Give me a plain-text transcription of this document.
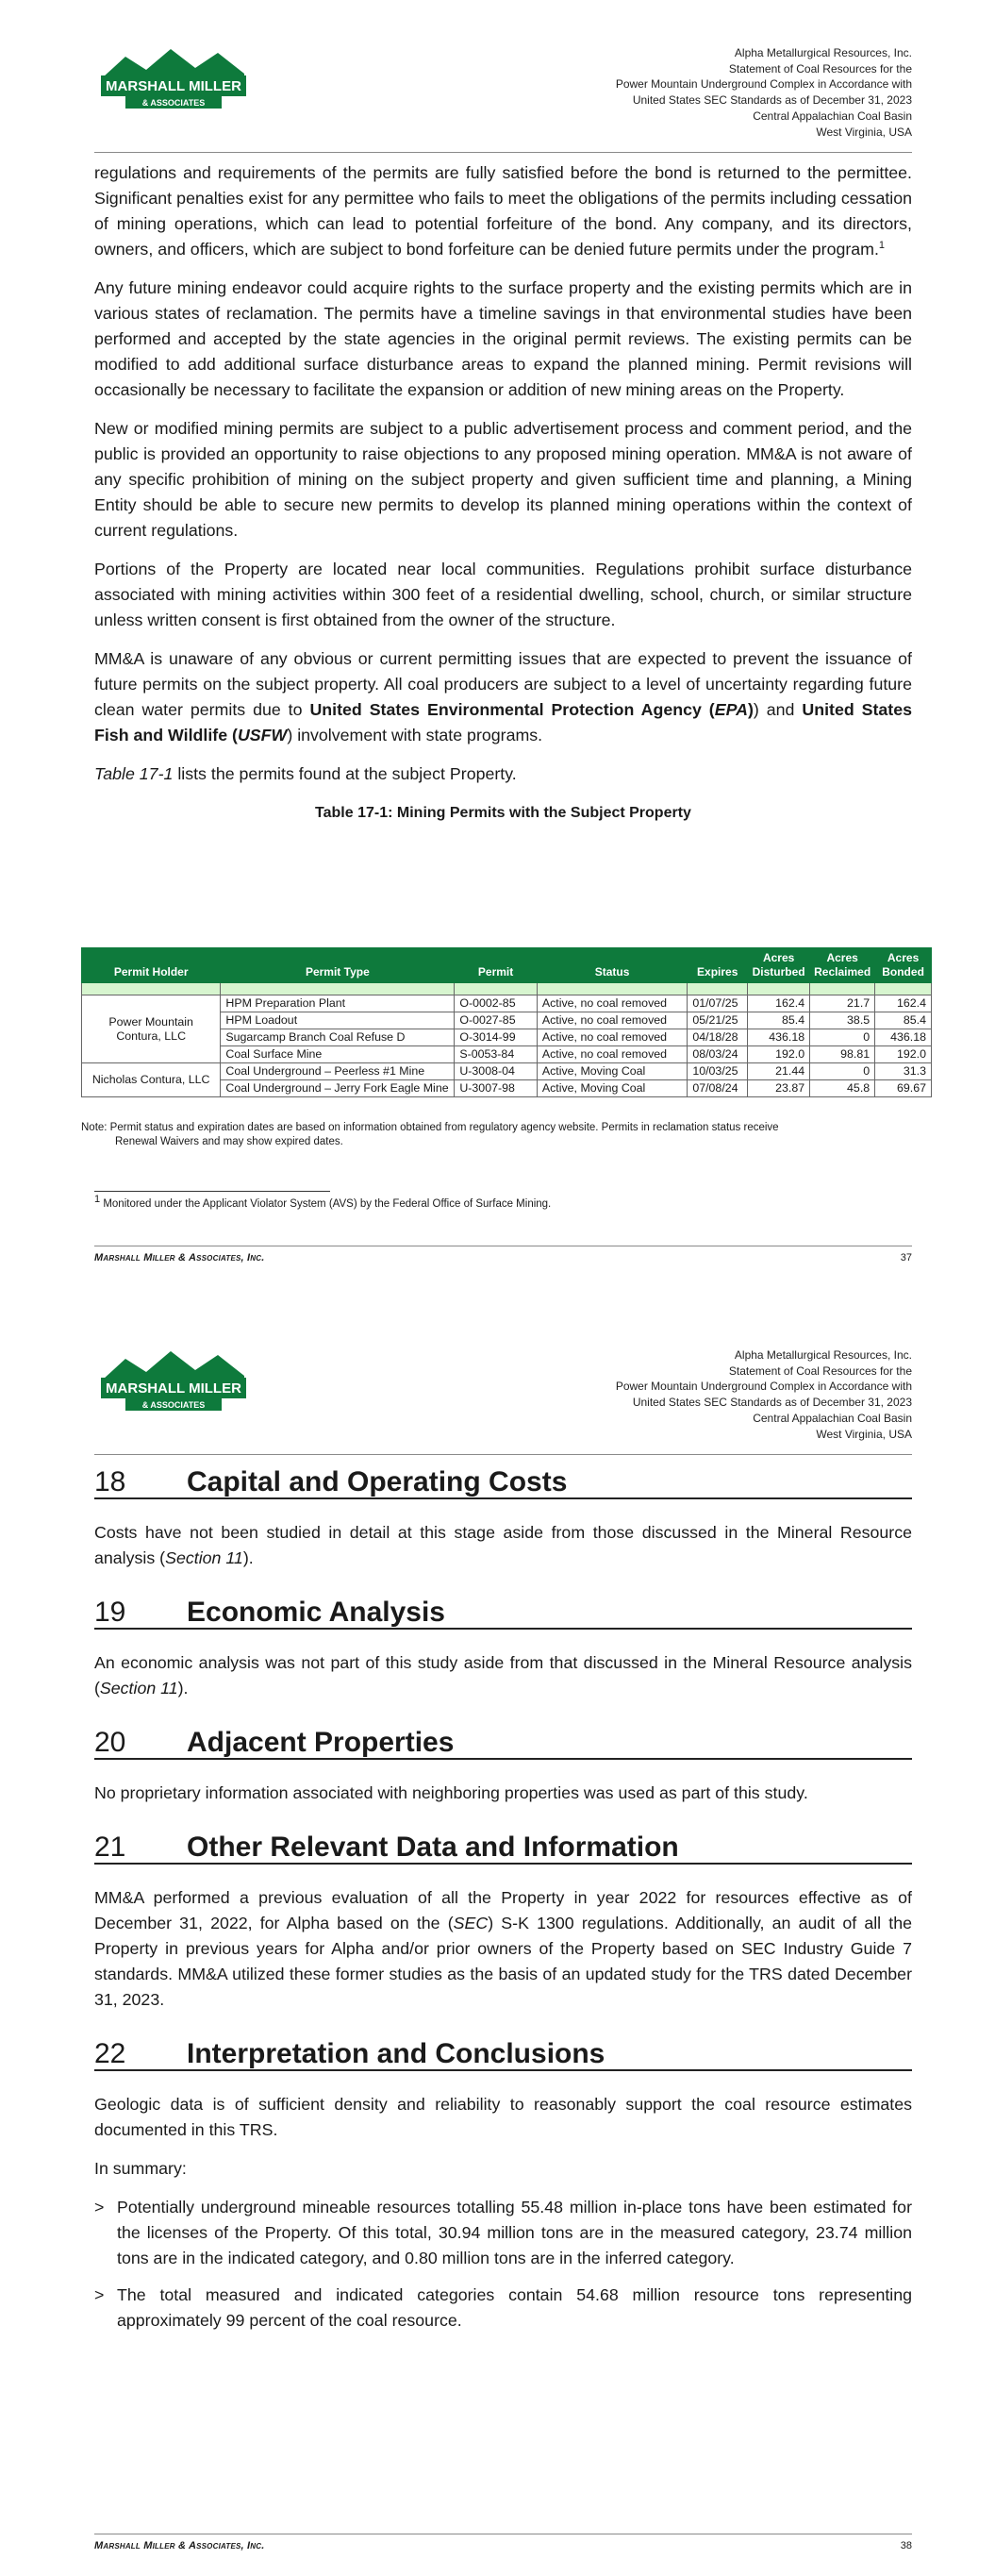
MARSHALL MILLER
& ASSOCIATES
Alpha Metallurgical Resources, Inc.
Statement of Coal Resources for the
Power Mountain Underground Complex in Accordance with
United States SEC Standards as of December 31, 2023
Central Appalachian Coal Basin
West Virginia, USA

regulations and requirements of the permits are fully satisfied before the bond is returned to the permittee. Significant penalties exist for any permittee who fails to meet the obligations of the permits including cessation of mining operations, which can lead to potential forfeiture of the bond. Any company, and its directors, owners, and officers, which are subject to bond forfeiture can be denied future permits under the program.$^1$

Any future mining endeavor could acquire rights to the surface property and the existing permits which are in various states of reclamation. The permits have a timeline savings in that environmental studies have been performed and accepted by the state agencies in the original permit reviews. The existing permits can be modified to add additional surface disturbance areas to expand the planned mining. Permit revisions will occasionally be necessary to facilitate the expansion or addition of new mining areas on the Property.

New or modified mining permits are subject to a public advertisement process and comment period, and the public is provided an opportunity to raise objections to any proposed mining operation. MM&A is not aware of any specific prohibition of mining on the subject property and given sufficient time and planning, a Mining Entity should be able to secure new permits to develop its planned mining operations within the context of current regulations.

Portions of the Property are located near local communities. Regulations prohibit surface disturbance associated with mining activities within 300 feet of a residential dwelling, school, church, or similar structure unless written consent is first obtained from the owner of the structure.

MM&A is unaware of any obvious or current permitting issues that are expected to prevent the issuance of future permits on the subject property. All coal producers are subject to a level of uncertainty regarding future clean water permits due to United States Environmental Protection Agency (EPA)) and United States Fish and Wildlife (USFW) involvement with state programs.

Table 17-1 lists the permits found at the subject Property.

Table 17-1: Mining Permits with the Subject Property
Permit Holder	Permit Type	Permit	Status	Expires	Acres Disturbed	Acres Reclaimed	Acres Bonded

Power Mountain Contura, LLC	HPM Preparation Plant	O-0002-85	Active, no coal removed	01/07/25	162.4	21.7	162.4
	HPM Loadout	O-0027-85	Active, no coal removed	05/21/25	85.4	38.5	85.4
	Sugarcamp Branch Coal Refuse D	O-3014-99	Active, no coal removed	04/18/28	436.18	0	436.18
	Coal Surface Mine	S-0053-84	Active, no coal removed	08/03/24	192.0	98.81	192.0
Nicholas Contura, LLC	Coal Underground – Peerless #1 Mine	U-3008-04	Active, Moving Coal	10/03/25	21.44	0	31.3
	Coal Underground – Jerry Fork Eagle Mine	U-3007-98	Active, Moving Coal	07/08/24	23.87	45.8	69.67
Note: Permit status and expiration dates are based on information obtained from regulatory agency website. Permits in reclamation status receive
Renewal Waivers and may show expired dates.
$^1$ Monitored under the Applicant Violator System (AVS) by the Federal Office of Surface Mining.
Marshall Miller & Associates, Inc.	37
MARSHALL MILLER
& ASSOCIATES
Alpha Metallurgical Resources, Inc.
Statement of Coal Resources for the
Power Mountain Underground Complex in Accordance with
United States SEC Standards as of December 31, 2023
Central Appalachian Coal Basin
West Virginia, USA
18	Capital and Operating Costs

Costs have not been studied in detail at this stage aside from those discussed in the Mineral Resource analysis (Section 11).

19	Economic Analysis

An economic analysis was not part of this study aside from that discussed in the Mineral Resource analysis (Section 11).

20	Adjacent Properties

No proprietary information associated with neighboring properties was used as part of this study.

21	Other Relevant Data and Information

MM&A performed a previous evaluation of all the Property in year 2022 for resources effective as of December 31, 2022, for Alpha based on the (SEC) S-K 1300 regulations. Additionally, an audit of all the Property in previous years for Alpha and/or prior owners of the Property based on SEC Industry Guide 7 standards. MM&A utilized these former studies as the basis of an updated study for the TRS dated December 31, 2023.

22	Interpretation and Conclusions

Geologic data is of sufficient density and reliability to reasonably support the coal resource estimates documented in this TRS.

In summary:

> Potentially underground mineable resources totalling 55.48 million in-place tons have been estimated for the licenses of the Property. Of this total, 30.94 million tons are in the measured category, 23.74 million tons are in the indicated category, and 0.80 million tons are in the inferred category.
> The total measured and indicated categories contain 54.68 million resource tons representing approximately 99 percent of the coal resource.
Marshall Miller & Associates, Inc.	38
